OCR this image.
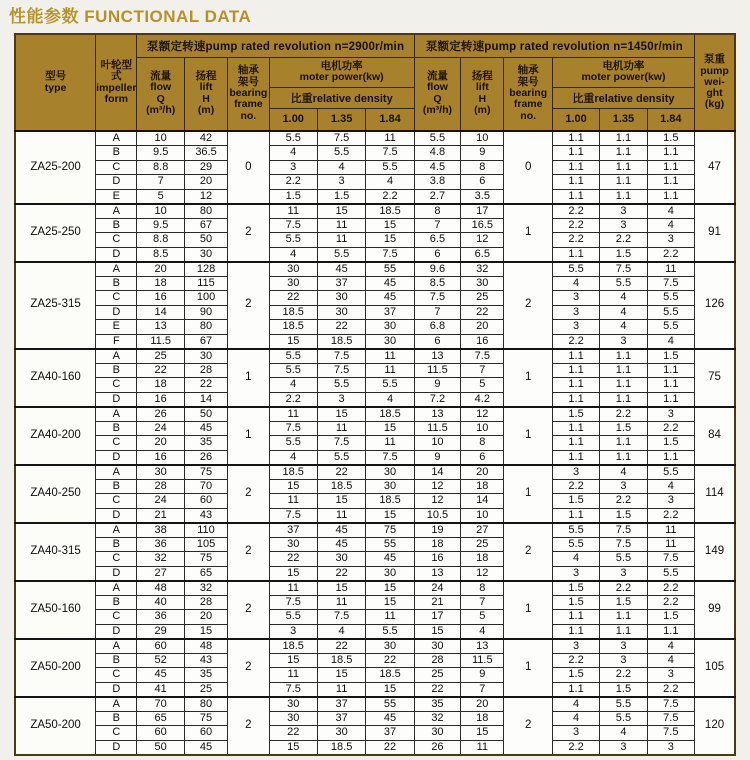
性能参数 FUNCTIONAL DATA
型号
type	叶轮型式
impeller
form	泵额定转速pump rated revolution n=2900r/min						泵额定转速pump rated revolution n=1450r/min						泵重
pump
wei-
ght
(kg)

		流量
flow
Q
(m³/h)	扬程
lift
H
(m)	轴承
架号
bearing
frame
no.	电机功率
moter power(kw)			流量
flow
Q
(m³/h)	扬程
lift
H
(m)	轴承
架号
bearing
frame
no.	电机功率
moter power(kw)			

					比重relative density						比重relative density			
					1.00	1.35	1.84				1.00	1.35	1.84	
ZA25-200	A	10	42	0	5.5	7.5	11	5.5	10	0	1.1	1.1	1.5	47
	B	9.5	36.5		4	5.5	7.5	4.8	9		1.1	1.1	1.1	
	C	8.8	29		3	4	5.5	4.5	8		1.1	1.1	1.1	
	D	7	20		2.2	3	4	3.8	6		1.1	1.1	1.1	
	E	5	12		1.5	1.5	2.2	2.7	3.5		1.1	1.1	1.1	
ZA25-250	A	10	80	2	11	15	18.5	8	17	1	2.2	3	4	91
	B	9.5	67		7.5	11	15	7	16.5		2.2	3	4	
	C	8.8	50		5.5	11	15	6.5	12		2.2	2.2	3	
	D	8.5	30		4	5.5	7.5	6	6.5		1.1	1.5	2.2	
ZA25-315	A	20	128	2	30	45	55	9.6	32	2	5.5	7.5	11	126
	B	18	115		30	37	45	8.5	30		4	5.5	7.5	
	C	16	100		22	30	45	7.5	25		3	4	5.5	
	D	14	90		18.5	30	37	7	22		3	4	5.5	
	E	13	80		18.5	22	30	6.8	20		3	4	5.5	
	F	11.5	67		15	18.5	30	6	16		2.2	3	4	
ZA40-160	A	25	30	1	5.5	7.5	11	13	7.5	1	1.1	1.1	1.5	75
	B	22	28		5.5	7.5	11	11.5	7		1.1	1.1	1.1	
	C	18	22		4	5.5	5.5	9	5		1.1	1.1	1.1	
	D	16	14		2.2	3	4	7.2	4.2		1.1	1.1	1.1	
ZA40-200	A	26	50	1	11	15	18.5	13	12	1	1.5	2.2	3	84
	B	24	45		7.5	11	15	11.5	10		1.1	1.5	2.2	
	C	20	35		5.5	7.5	11	10	8		1.1	1.1	1.5	
	D	16	26		4	5.5	7.5	9	6		1.1	1.1	1.1	
ZA40-250	A	30	75	2	18.5	22	30	14	20	1	3	4	5.5	114
	B	28	70		15	18.5	30	12	18		2.2	3	4	
	C	24	60		11	15	18.5	12	14		1.5	2.2	3	
	D	21	43		7.5	11	15	10.5	10		1.1	1.5	2.2	
ZA40-315	A	38	110	2	37	45	75	19	27	2	5.5	7.5	11	149
	B	36	105		30	45	55	18	25		5.5	7.5	11	
	C	32	75		22	30	45	16	18		4	5.5	7.5	
	D	27	65		15	22	30	13	12		3	3	5.5	
ZA50-160	A	48	32	2	11	15	15	24	8	1	1.5	2.2	2.2	99
	B	40	28		7.5	11	15	21	7		1.5	1.5	2.2	
	C	36	20		5.5	7.5	11	17	5		1.1	1.1	1.5	
	D	29	15		3	4	5.5	15	4		1.1	1.1	1.1	
ZA50-200	A	60	48	2	18.5	22	30	30	13	1	3	3	4	105
	B	52	43		15	18.5	22	28	11.5		2.2	3	4	
	C	45	35		11	15	18.5	25	9		1.5	2.2	3	
	D	41	25		7.5	11	15	22	7		1.1	1.5	2.2	
ZA50-200	A	70	80	2	30	37	55	35	20	2	4	5.5	7.5	120
	B	65	75		30	37	45	32	18		4	5.5	7.5	
	C	60	60		22	30	37	30	15		3	4	7.5	
	D	50	45		15	18.5	22	26	11		2.2	3	3	
